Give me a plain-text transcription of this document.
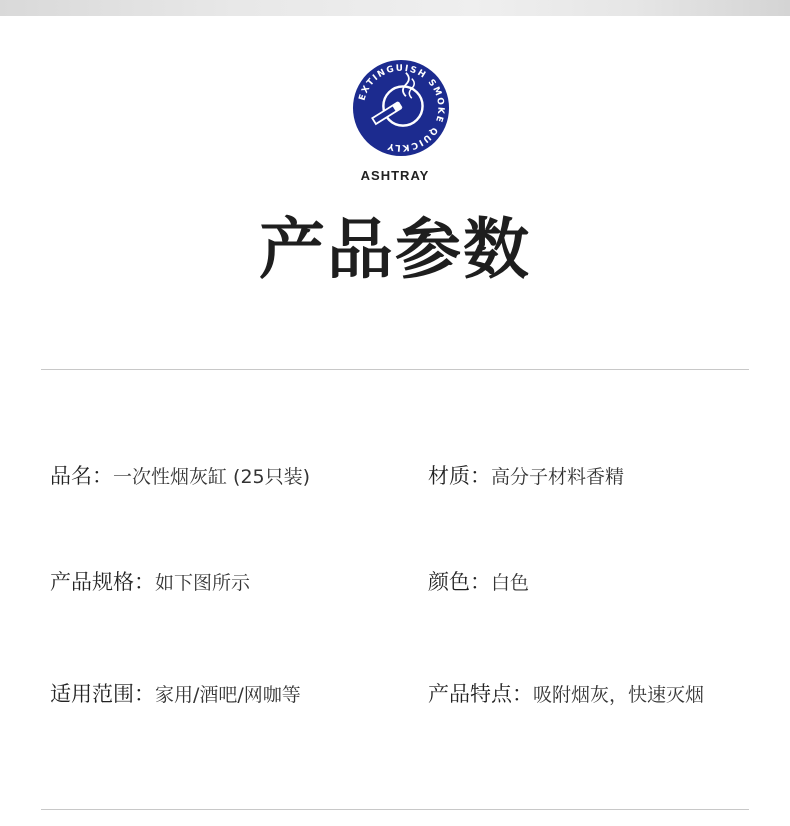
EXTINGUISH SMOKE QUICKLY
ASHTRAY
产品参数
品名： 一次性烟灰缸 (25只装)	材质： 高分子材料香精
产品规格： 如下图所示	颜色： 白色
适用范围： 家用/酒吧/网咖等	产品特点： 吸附烟灰，快速灭烟
